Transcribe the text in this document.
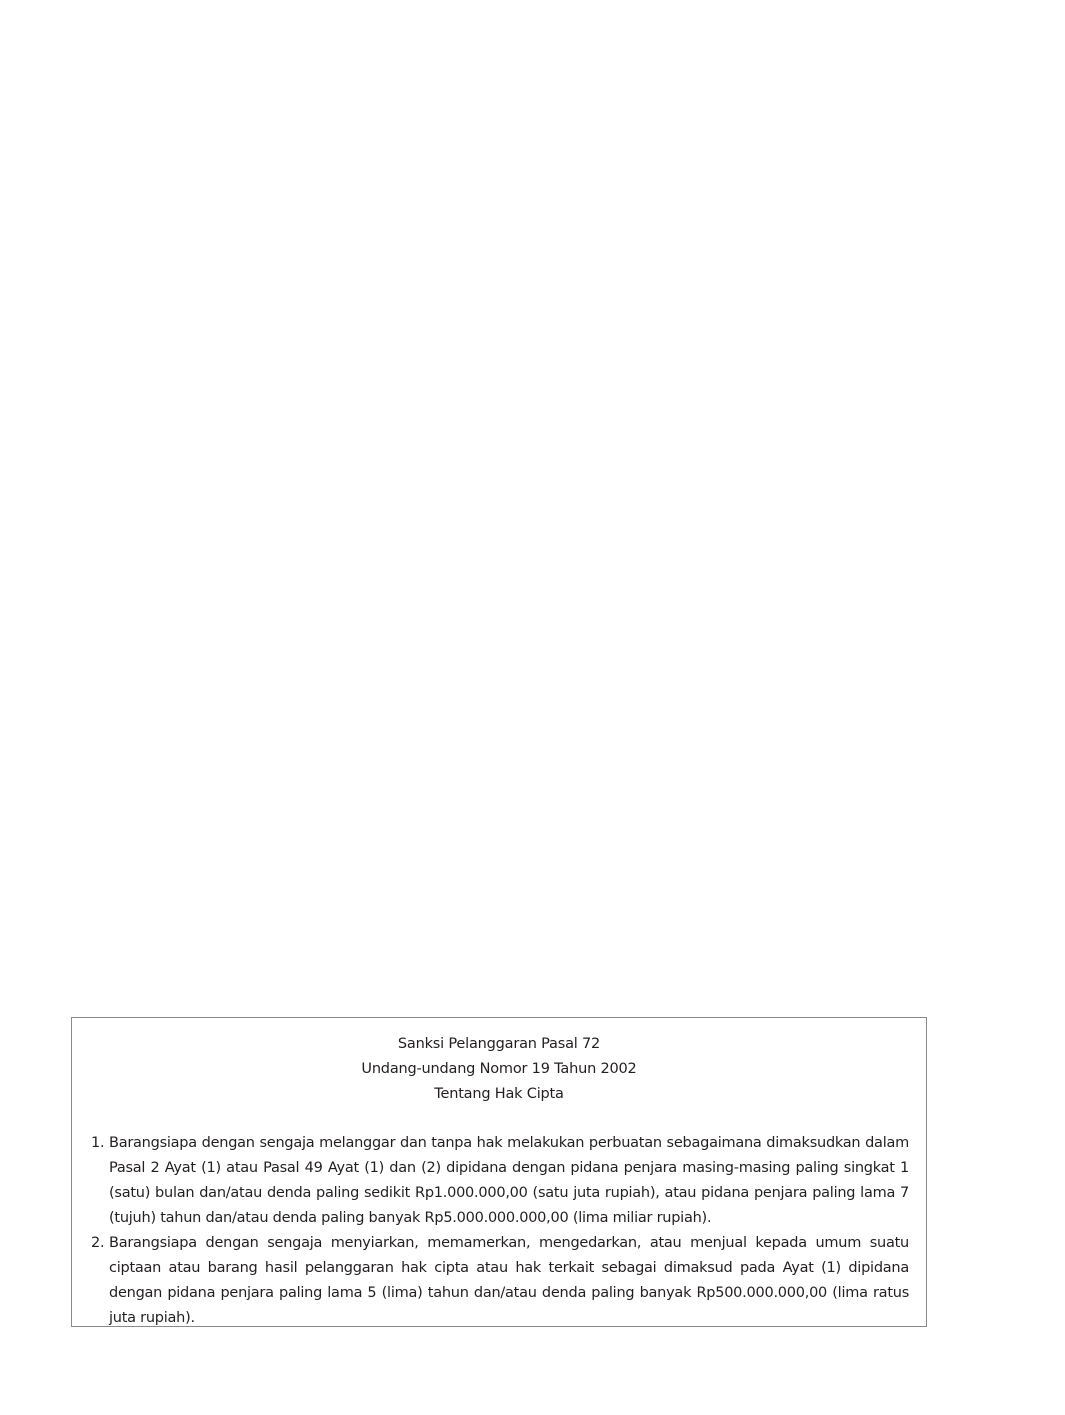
Sanksi Pelanggaran Pasal 72
Undang-undang Nomor 19 Tahun 2002
Tentang Hak Cipta
1. Barangsiapa dengan sengaja melanggar dan tanpa hak melakukan perbuatan sebagaimana dimaksudkan dalam Pasal 2 Ayat (1) atau Pasal 49 Ayat (1) dan (2) dipidana dengan pidana penjara masing-masing paling singkat 1 (satu) bulan dan/atau denda paling sedikit Rp1.000.000,00 (satu juta rupiah), atau pidana penjara paling lama 7 (tujuh) tahun dan/atau denda paling banyak Rp5.000.000.000,00 (lima miliar rupiah).
2. Barangsiapa dengan sengaja menyiarkan, memamerkan, mengedarkan, atau menjual kepada umum suatu ciptaan atau barang hasil pelanggaran hak cipta atau hak terkait sebagai dimaksud pada Ayat (1) dipidana dengan pidana penjara paling lama 5 (lima) tahun dan/atau denda paling banyak Rp500.000.000,00 (lima ratus juta rupiah).
